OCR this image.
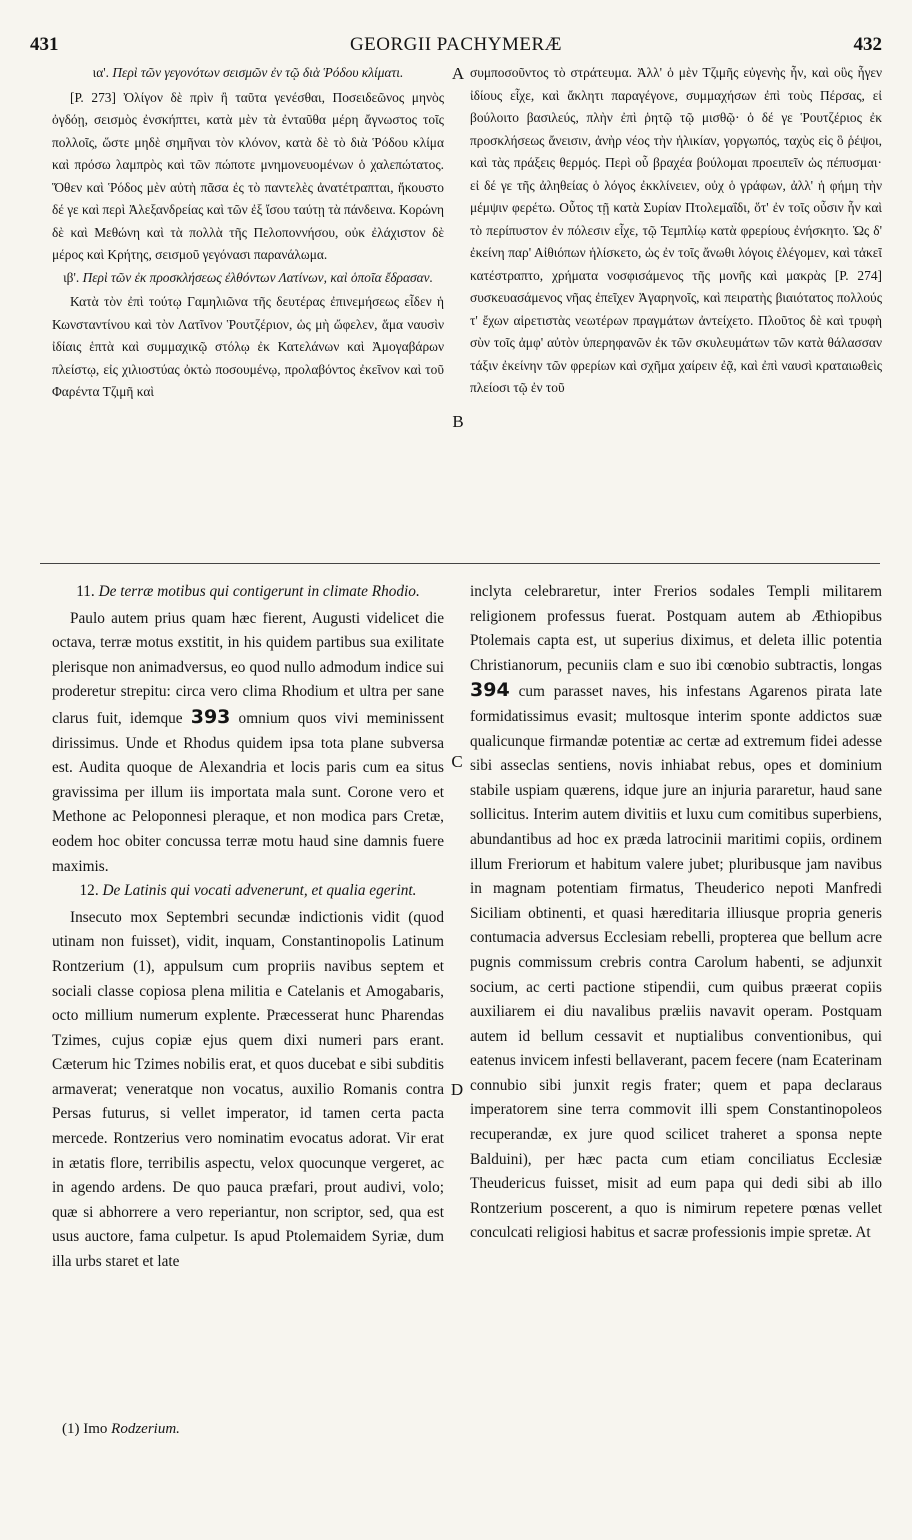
431	GEORGII PACHYMERÆ	432

ια'. Περὶ τῶν γεγονότων σεισμῶν ἐν τῷ διὰ Ῥόδου κλίματι.

[P. 273] Ὀλίγον δὲ πρὶν ἢ ταῦτα γενέσθαι, Ποσειδεῶνος μηνὸς ὀγδόῃ, σεισμὸς ἐνσκήπτει, κατὰ μὲν τὰ ἐνταῦθα μέρη ἄγνωστος τοῖς πολλοῖς, ὥστε μηδὲ σημῆναι τὸν κλόνον, κατὰ δὲ τὸ διὰ Ῥόδου κλίμα καὶ πρόσω λαμπρὸς καὶ τῶν πώποτε μνημονευομένων ὁ χαλεπώτατος. Ὅθεν καὶ Ῥόδος μὲν αὐτὴ πᾶσα ἐς τὸ παντελὲς ἀνατέτραπται, ἤκουστο δέ γε καὶ περὶ Ἀλεξανδρείας καὶ τῶν ἐξ ἴσου ταύτῃ τὰ πάνδεινα. Κορώνη δὲ καὶ Μεθώνη καὶ τὰ πολλὰ τῆς Πελοποννήσου, οὐκ ἐλάχιστον δὲ μέρος καὶ Κρήτης, σεισμοῦ γεγόνασι παρανάλωμα.

ιβ'. Περὶ τῶν ἐκ προσκλήσεως ἐλθόντων Λατίνων, καὶ ὁποῖα ἔδρασαν.

Κατὰ τὸν ἐπὶ τούτῳ Γαμηλιῶνα τῆς δευτέρας ἐπινεμήσεως εἶδεν ἡ Κωνσταντίνου καὶ τὸν Λατῖνον Ῥουτζέριον, ὡς μὴ ὤφελεν, ἅμα ναυσὶν ἰδίαις ἑπτὰ καὶ συμμαχικῷ στόλῳ ἐκ Κατελάνων καὶ Ἀμογαβάρων πλείστῳ, εἰς χιλιοστύας ὀκτὼ ποσουμένῳ, προλαβόντος ἐκεῖνον καὶ τοῦ Φαρέντα Τζιμῆ καὶ

συμποσοῦντος τὸ στράτευμα. Ἀλλ' ὁ μὲν Τζιμῆς εὐγενὴς ἦν, καὶ οὓς ἦγεν ἰδίους εἶχε, καὶ ἄκλητι παραγέγονε, συμμαχήσων ἐπὶ τοὺς Πέρσας, εἰ βούλοιτο βασιλεύς, πλὴν ἐπὶ ῥητῷ τῷ μισθῷ· ὁ δέ γε Ῥουτζέριος ἐκ προσκλήσεως ἄνεισιν, ἀνὴρ νέος τὴν ἡλικίαν, γοργωπός, ταχὺς εἰς ὃ ῥέψοι, καὶ τὰς πράξεις θερμός. Περὶ οὗ βραχέα βούλομαι προειπεῖν ὡς πέπυσμαι· εἰ δέ γε τῆς ἀληθείας ὁ λόγος ἐκκλίνειεν, οὐχ ὁ γράφων, ἀλλ' ἡ φήμη τὴν μέμψιν φερέτω. Οὗτος τῇ κατὰ Συρίαν Πτολεμαΐδι, ὅτ' ἐν τοῖς οὖσιν ἦν καὶ τὸ περίπυστον ἐν πόλεσιν εἶχε, τῷ Τεμπλίῳ κατὰ φρερίους ἐνήσκητο. Ὡς δ' ἐκείνη παρ' Αἰθιόπων ἡλίσκετο, ὡς ἐν τοῖς ἄνωθι λόγοις ἐλέγομεν, καὶ τἀκεῖ κατέστραπτο, χρήματα νοσφισάμενος τῆς μονῆς καὶ μακρὰς [P. 274] συσκευασάμενος νῆας ἐπεῖχεν Ἀγαρηνοῖς, καὶ πειρατὴς βιαιότατος πολλούς τ' ἔχων αἱρετιστὰς νεωτέρων πραγμάτων ἀντείχετο. Πλοῦτος δὲ καὶ τρυφὴ σὺν τοῖς ἀμφ' αὐτὸν ὑπερηφανῶν ἐκ τῶν σκυλευμάτων τῶν κατὰ θάλασσαν τάξιν ἐκείνην τῶν φρερίων καὶ σχῆμα χαίρειν ἐᾷ, καὶ ἐπὶ ναυσὶ κραταιωθεὶς πλείοσι τῷ ἐν τοῦ

A
B

11. De terræ motibus qui contigerunt in climate Rhodio.

Paulo autem prius quam hæc fierent, Augusti videlicet die octava, terræ motus exstitit, in his quidem partibus sua exilitate plerisque non animadversus, eo quod nullo admodum indice sui proderetur strepitu: circa vero clima Rhodium et ultra per sane clarus fuit, idemque 393 omnium quos vivi meminissent dirissimus. Unde et Rhodus quidem ipsa tota plane subversa est. Audita quoque de Alexandria et locis paris cum ea situs gravissima per illum iis importata mala sunt. Corone vero et Methone ac Peloponnesi pleraque, et non modica pars Cretæ, eodem hoc obiter concussa terræ motu haud sine damnis fuere maximis.

12. De Latinis qui vocati advenerunt, et qualia egerint.

Insecuto mox Septembri secundæ indictionis vidit (quod utinam non fuisset), vidit, inquam, Constantinopolis Latinum Rontzerium (1), appulsum cum propriis navibus septem et sociali classe copiosa plena militia e Catelanis et Amogabaris, octo millium numerum explente. Præcesserat hunc Pharendas Tzimes, cujus copiæ ejus quem dixi numeri pars erant. Cæterum hic Tzimes nobilis erat, et quos ducebat e sibi subditis armaverat; veneratque non vocatus, auxilio Romanis contra Persas futurus, si vellet imperator, id tamen certa pacta mercede. Rontzerius vero nominatim evocatus adorat. Vir erat in ætatis flore, terribilis aspectu, velox quocunque vergeret, ac in agendo ardens. De quo pauca præfari, prout audivi, volo; quæ si abhorrere a vero reperiantur, non scriptor, sed, qua est usus auctore, fama culpetur. Is apud Ptolemaidem Syriæ, dum illa urbs staret et late

inclyta celebraretur, inter Frerios sodales Templi militarem religionem professus fuerat. Postquam autem ab Æthiopibus Ptolemais capta est, ut superius diximus, et deleta illic potentia Christianorum, pecuniis clam e suo ibi cœnobio subtractis, longas 394 cum parasset naves, his infestans Agarenos pirata late formidatissimus evasit; multosque interim sponte addictos suæ qualicunque firmandæ potentiæ ac certæ ad extremum fidei adesse sibi asseclas sentiens, novis inhiabat rebus, opes et dominium stabile uspiam quærens, idque jure an injuria pararetur, haud sane sollicitus. Interim autem divitiis et luxu cum comitibus superbiens, abundantibus ad hoc ex præda latrocinii maritimi copiis, ordinem illum Freriorum et habitum valere jubet; pluribusque jam navibus in magnam potentiam firmatus, Theuderico nepoti Manfredi Siciliam obtinenti, et quasi hæreditaria illiusque propria generis contumacia adversus Ecclesiam rebelli, propterea que bellum acre pugnis commissum crebris contra Carolum habenti, se adjunxit socium, ac certi pactione stipendii, cum quibus præerat copiis auxiliarem ei diu navalibus præliis navavit operam. Postquam autem id bellum cessavit et nuptialibus conventionibus, qui eatenus invicem infesti bellaverant, pacem fecere (nam Ecaterinam connubio sibi junxit regis frater; quem et papa declaraus imperatorem sine terra commovit illi spem Constantinopoleos recuperandæ, ex jure quod scilicet traheret a sponsa nepte Balduini), per hæc pacta cum etiam conciliatus Ecclesiæ Theudericus fuisset, misit ad eum papa qui dedi sibi ab illo Rontzerium poscerent, a quo is nimirum repetere pœnas vellet conculcati religiosi habitus et sacræ professionis impie spretæ. At

C
D
(1) Imo Rodzerium.
